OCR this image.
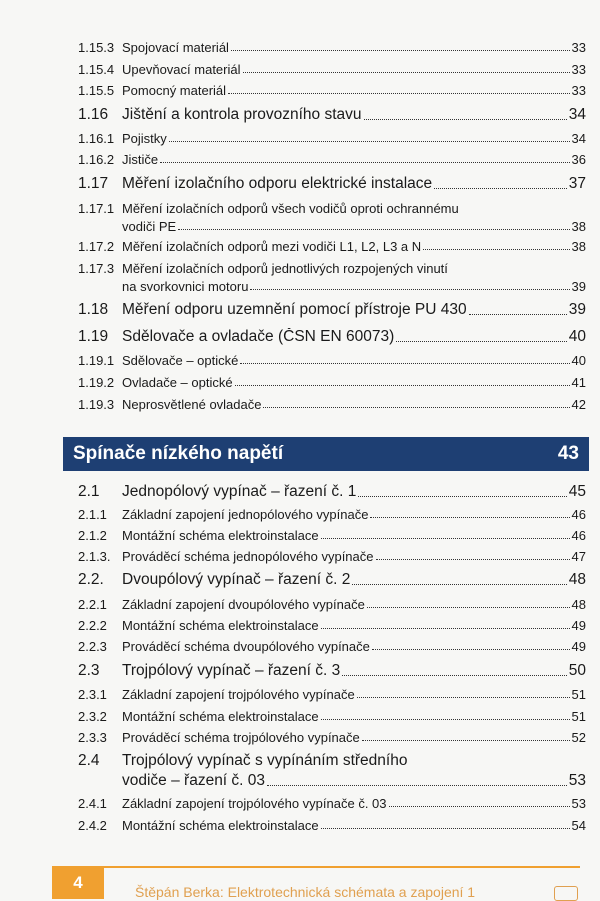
1.15.3 Spojovací materiál	33
1.15.4 Upevňovací materiál	33
1.15.5 Pomocný materiál	33
1.16 Jištění a kontrola provozního stavu	34
1.16.1 Pojistky	34
1.16.2 Jističe	36
1.17 Měření izolačního odporu elektrické instalace	37
1.17.1 Měření izolačních odporů všech vodičů oproti ochrannému
vodiči PE	38
1.17.2 Měření izolačních odporů mezi vodiči L1, L2, L3 a N	38
1.17.3 Měření izolačních odporů jednotlivých rozpojených vinutí
na svorkovnici motoru	39
1.18 Měření odporu uzemnění pomocí přístroje PU 430	39
1.19 Sdělovače a ovladače (ČSN EN 60073)	40
1.19.1 Sdělovače – optické	40
1.19.2 Ovladače – optické	41
1.19.3 Neprosvětlené ovladače	42
Spínače nízkého napětí	43
2.1	Jednopólový vypínač – řazení č. 1	45
2.1.1	Základní zapojení jednopólového vypínače	46
2.1.2	Montážní schéma elektroinstalace	46
2.1.3. Prováděcí schéma jednopólového vypínače	47
2.2.	Dvoupólový vypínač – řazení č. 2	48
2.2.1	Základní zapojení dvoupólového vypínače	48
2.2.2	Montážní schéma elektroinstalace	49
2.2.3	Prováděcí schéma dvoupólového vypínače	49
2.3	Trojpólový vypínač – řazení č. 3	50
2.3.1	Základní zapojení trojpólového vypínače	51
2.3.2	Montážní schéma elektroinstalace	51
2.3.3	Prováděcí schéma trojpólového vypínače	52
2.4	Trojpólový vypínač s vypínáním středního
vodiče – řazení č. 03	53
2.4.1	Základní zapojení trojpólového vypínače č. 03	53
2.4.2	Montážní schéma elektroinstalace	54
4
Štěpán Berka: Elektrotechnická schémata a zapojení 1
